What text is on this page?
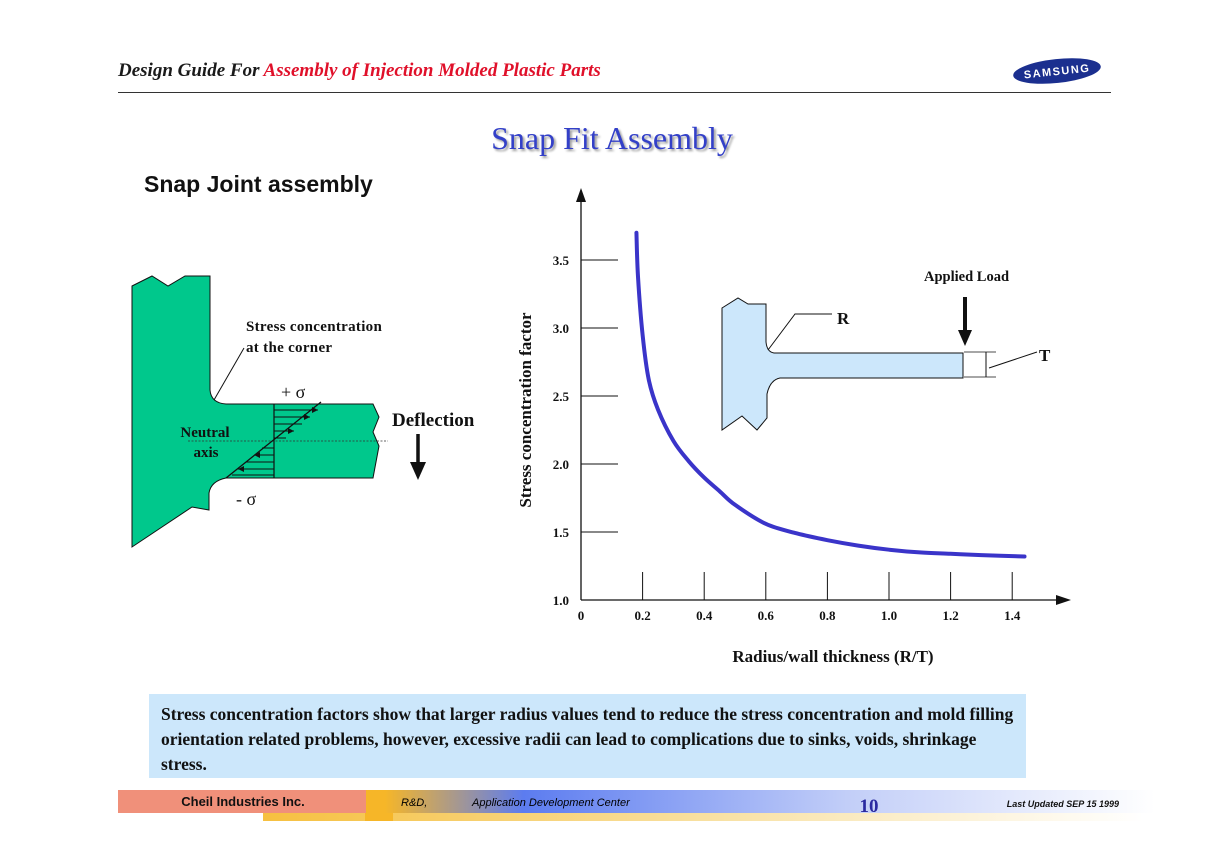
Design Guide For Assembly of Injection Molded Plastic Parts	SAMSUNG
Snap Fit Assembly
Snap Joint assembly
Stress concentration
at the corner
+ σ
- σ
Neutral
axis
Deflection
1.0
1.5
2.0
2.5
3.0
3.5
0	0.2	0.4	0.6	0.8	1.0	1.2	1.4
Stress concentration factor
Radius/wall thickness (R/T)
R
Applied Load
T
Stress concentration factors show that larger radius values tend to reduce the stress concentration and mold filling orientation related problems, however, excessive radii can lead to complications due to sinks, voids, shrinkage stress.
Cheil Industries Inc.	R&D,	Application Development Center	10	Last Updated SEP 15 1999
